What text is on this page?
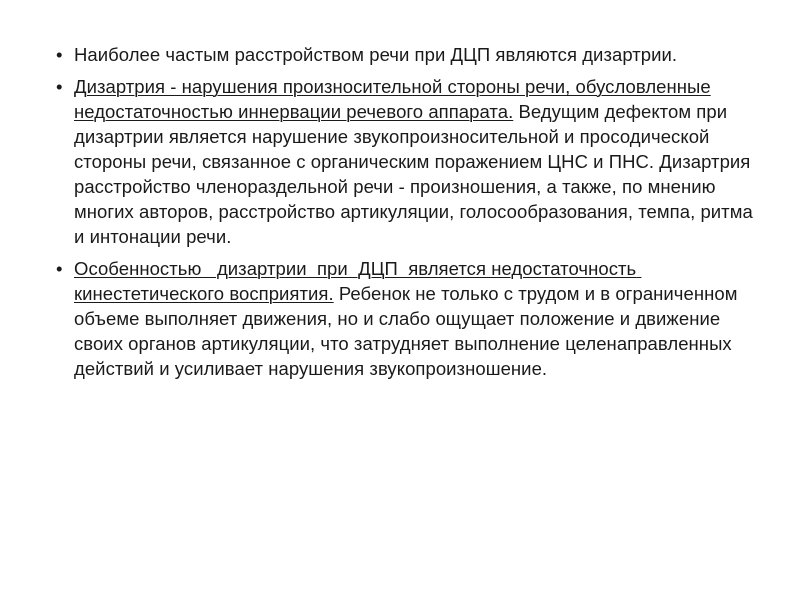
• Наиболее частым расстройством речи при ДЦП являются дизартрии.
• Дизартрия - нарушения произносительной стороны речи, обусловленные недостаточностью иннервации речевого аппарата. Ведущим дефектом при дизартрии является нарушение звукопроизносительной и просодической стороны речи, связанное с органическим поражением ЦНС и ПНС. Дизартрия расстройство членораздельной речи - произношения, а также, по мнению многих авторов, расстройство артикуляции, голосообразования, темпа, ритма и интонации речи.
• Особенностью   дизартрии  при  ДЦП  является недостаточность кинестетического восприятия. Ребенок не только с трудом и в ограниченном объеме выполняет движения, но и слабо ощущает положение и движение своих органов артикуляции, что затрудняет выполнение целенаправленных действий и усиливает нарушения звукопроизношение.
